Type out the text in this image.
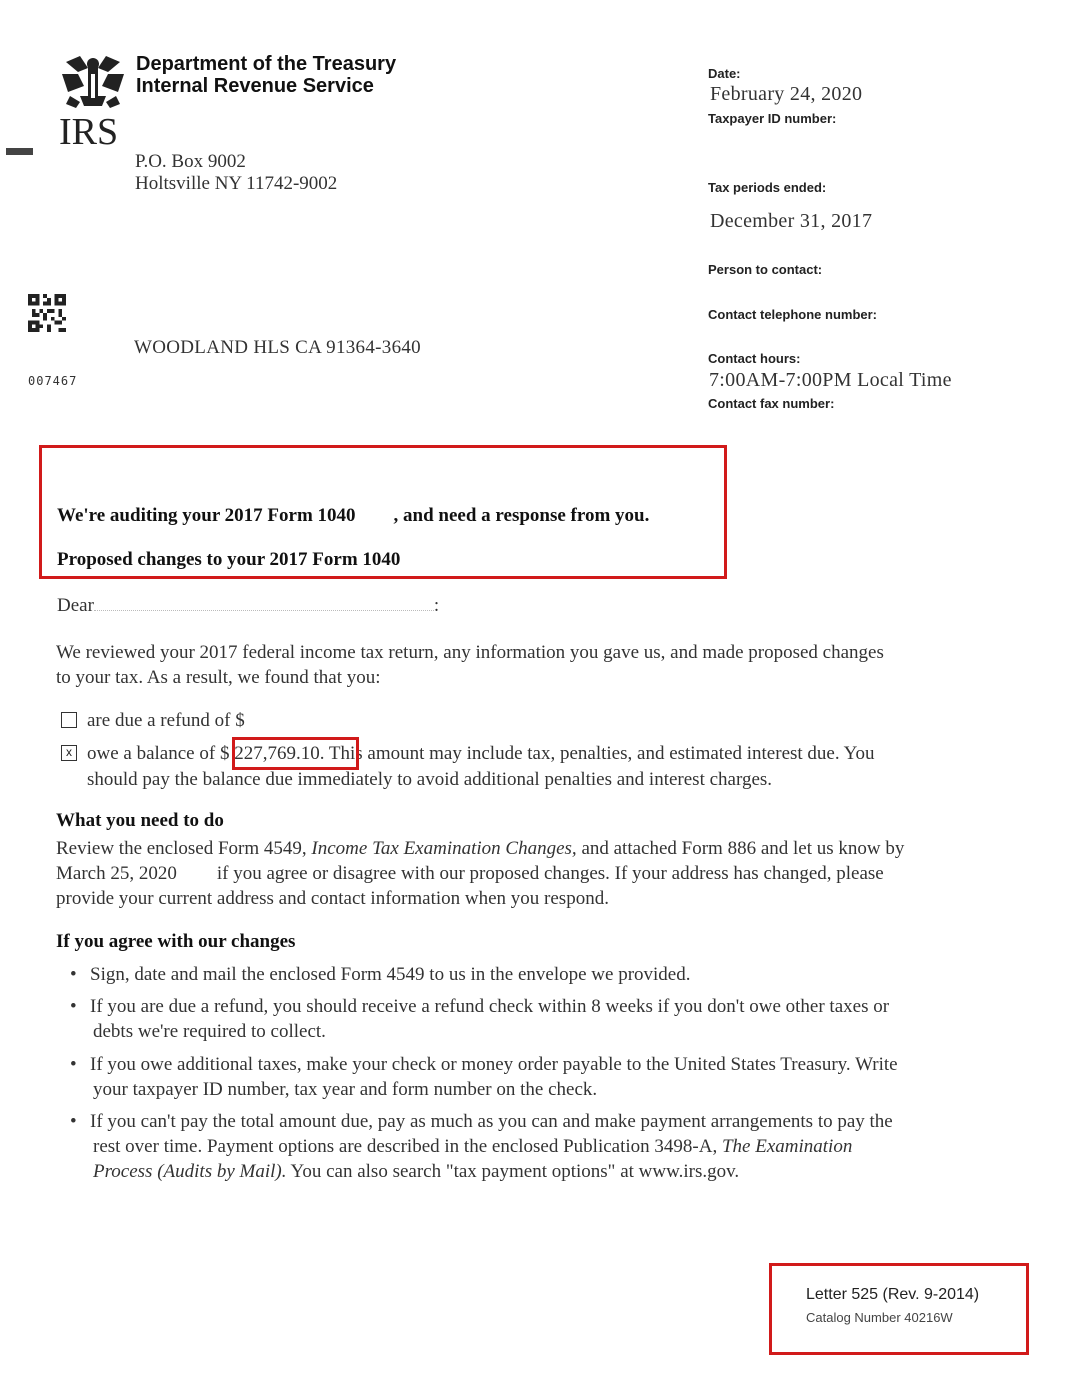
IRS
Department of the Treasury
Internal Revenue Service
P.O. Box 9002
Holtsville NY 11742-9002
WOODLAND HLS CA 91364-3640
007467
Date:
February 24, 2020
Taxpayer ID number:
Tax periods ended:
December 31, 2017
Person to contact:
Contact telephone number:
Contact hours:
7:00AM-7:00PM Local Time
Contact fax number:
We're auditing your 2017 Form 1040 , and need a response from you.
Proposed changes to your 2017 Form 1040
Dear	:
We reviewed your 2017 federal income tax return, any information you gave us, and made proposed changes
to your tax. As a result, we found that you:
are due a refund of $
x owe a balance of $ 227,769.10. This amount may include tax, penalties, and estimated interest due. You
should pay the balance due immediately to avoid additional penalties and interest charges.
What you need to do
Review the enclosed Form 4549, Income Tax Examination Changes, and attached Form 886 and let us know by
March 25, 2020 if you agree or disagree with our proposed changes. If your address has changed, please
provide your current address and contact information when you respond.
If you agree with our changes
• Sign, date and mail the enclosed Form 4549 to us in the envelope we provided.
• If you are due a refund, you should receive a refund check within 8 weeks if you don't owe other taxes or
debts we're required to collect.
• If you owe additional taxes, make your check or money order payable to the United States Treasury. Write
your taxpayer ID number, tax year and form number on the check.
• If you can't pay the total amount due, pay as much as you can and make payment arrangements to pay the
rest over time. Payment options are described in the enclosed Publication 3498-A, The Examination
Process (Audits by Mail). You can also search "tax payment options" at www.irs.gov.
Letter 525 (Rev. 9-2014)
Catalog Number 40216W
